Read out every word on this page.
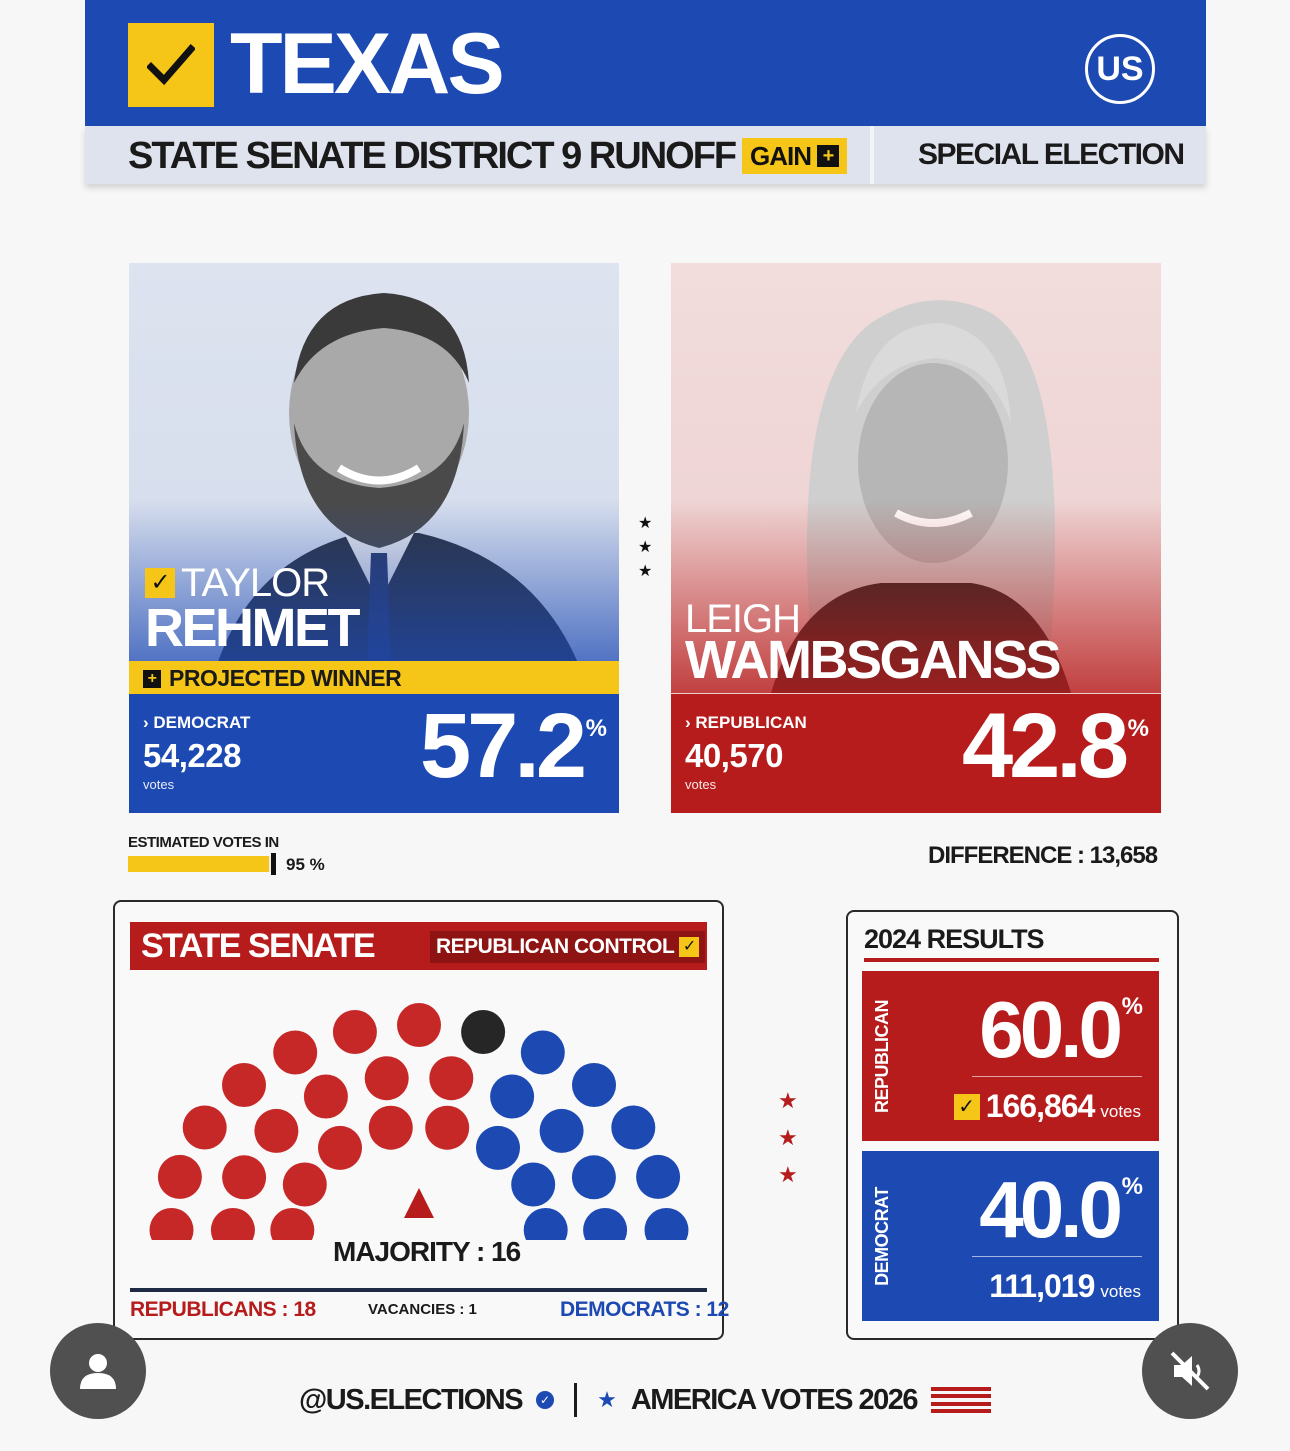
TEXAS	US
STATE SENATE DISTRICT 9 RUNOFF GAIN +	SPECIAL ELECTION
✓ TAYLOR
REHMET
+ PROJECTED WINNER
› DEMOCRAT
54,228
votes	57.2 %
★
★
★
LEIGH
WAMBSGANSS
› REPUBLICAN
40,570
votes	42.8 %
ESTIMATED VOTES IN
95 %	DIFFERENCE : 13,658
STATE SENATE	REPUBLICAN CONTROL ✓
MAJORITY : 16
REPUBLICANS : 18	VACANCIES : 1	DEMOCRATS : 12
★
★
★
2024 RESULTS
REPUBLICAN 60.0 %
✓ 166,864 votes
DEMOCRAT 40.0 %
111,019 votes
@US.ELECTIONS	✓ ★ AMERICA VOTES 2026
